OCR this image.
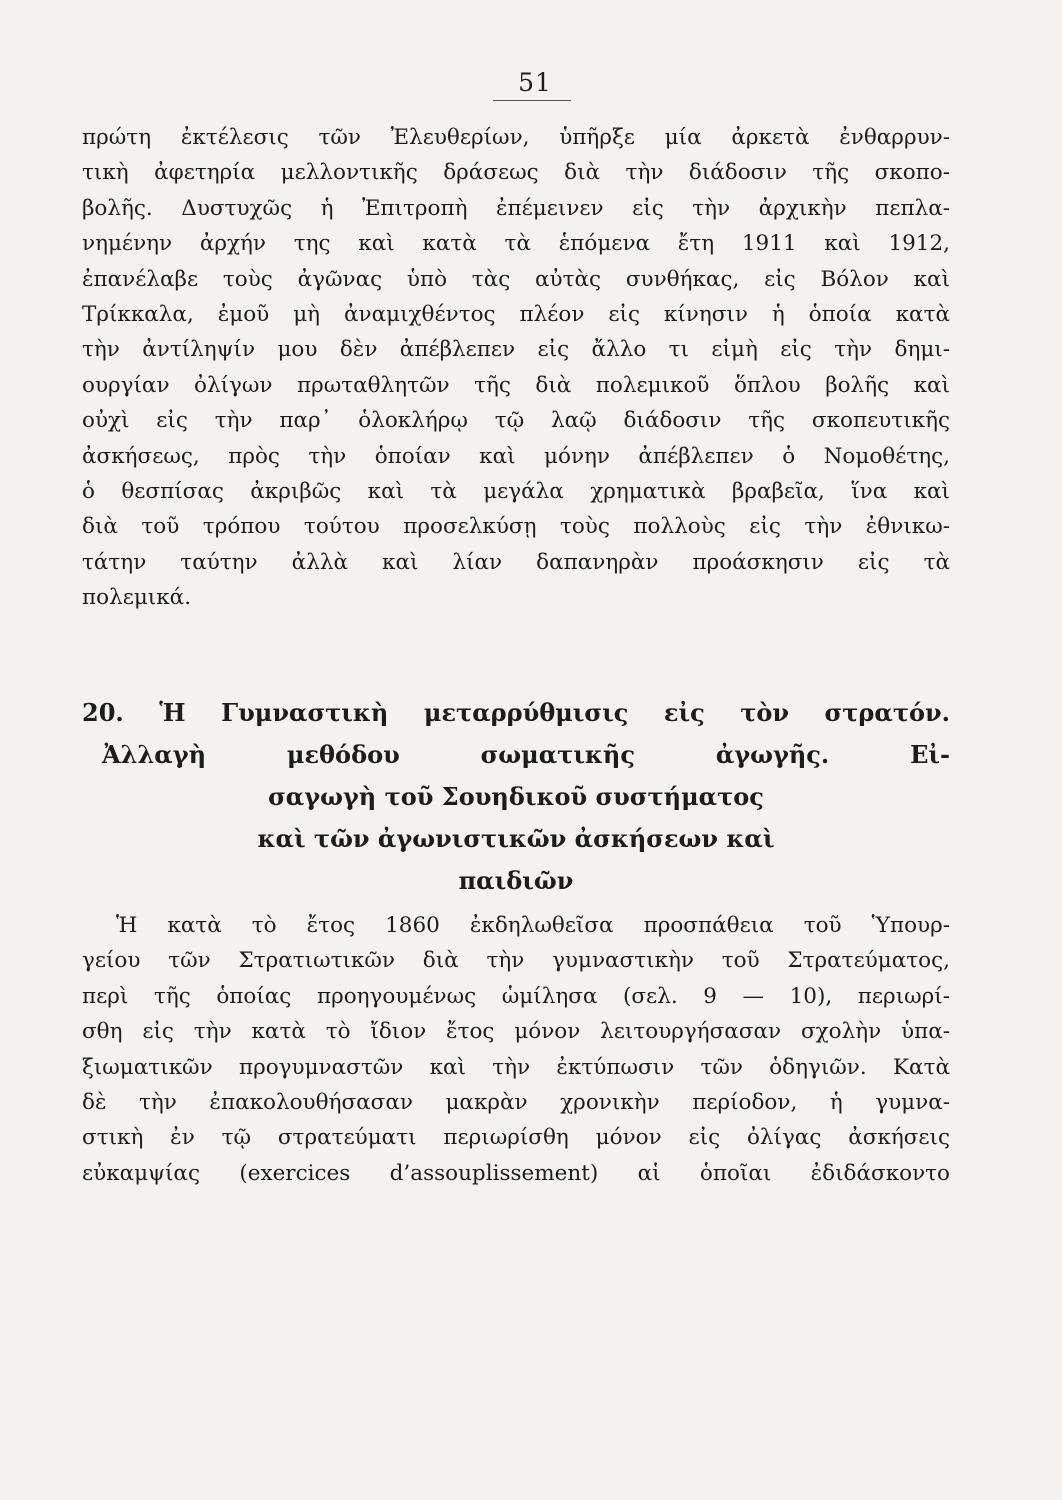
51
πρώτη ἐκτέλεσις τῶν Ἐλευθερίων, ὑπῆρξε μία ἀρκετὰ ἐνθαρρυν-
τικὴ ἀφετηρία μελλοντικῆς δράσεως διὰ τὴν διάδοσιν τῆς σκοπο-
βολῆς. Δυστυχῶς ἡ Ἐπιτροπὴ ἐπέμεινεν εἰς τὴν ἀρχικὴν πεπλα-
νημένην ἀρχήν της καὶ κατὰ τὰ ἑπόμενα ἔτη 1911 καὶ 1912,
ἐπανέλαβε τοὺς ἀγῶνας ὑπὸ τὰς αὐτὰς συνθήκας, εἰς Βόλον καὶ
Τρίκκαλα, ἐμοῦ μὴ ἀναμιχθέντος πλέον εἰς κίνησιν ἡ ὁποία κατὰ
τὴν ἀντίληψίν μου δὲν ἀπέβλεπεν εἰς ἄλλο τι εἰμὴ εἰς τὴν δημι-
ουργίαν ὀλίγων πρωταθλητῶν τῆς διὰ πολεμικοῦ ὅπλου βολῆς καὶ
οὐχὶ εἰς τὴν παρ᾽ ὁλοκλήρῳ τῷ λαῷ διάδοσιν τῆς σκοπευτικῆς
ἀσκήσεως, πρὸς τὴν ὁποίαν καὶ μόνην ἀπέβλεπεν ὁ Νομοθέτης,
ὁ θεσπίσας ἀκριβῶς καὶ τὰ μεγάλα χρηματικὰ βραβεῖα, ἵνα καὶ
διὰ τοῦ τρόπου τούτου προσελκύσῃ τοὺς πολλοὺς εἰς τὴν ἐθνικω-
τάτην ταύτην ἀλλὰ καὶ λίαν δαπανηρὰν προάσκησιν εἰς τὰ
πολεμικά.
20. Ἡ Γυμναστικὴ μεταρρύθμισις εἰς τὸν στρατόν.
Ἀλλαγὴ μεθόδου σωματικῆς ἀγωγῆς. Εἰ-
σαγωγὴ τοῦ Σουηδικοῦ συστήματος
καὶ τῶν ἀγωνιστικῶν ἀσκήσεων καὶ
παιδιῶν
Ἡ κατὰ τὸ ἔτος 1860 ἐκδηλωθεῖσα προσπάθεια τοῦ Ὑπουρ-
γείου τῶν Στρατιωτικῶν διὰ τὴν γυμναστικὴν τοῦ Στρατεύματος,
περὶ τῆς ὁποίας προηγουμένως ὡμίλησα (σελ. 9 — 10), περιωρί-
σθη εἰς τὴν κατὰ τὸ ἴδιον ἔτος μόνον λειτουργήσασαν σχολὴν ὑπα-
ξιωματικῶν προγυμναστῶν καὶ τὴν ἐκτύπωσιν τῶν ὁδηγιῶν. Κατὰ
δὲ τὴν ἐπακολουθήσασαν μακρὰν χρονικὴν περίοδον, ἡ γυμνα-
στικὴ ἐν τῷ στρατεύματι περιωρίσθη μόνον εἰς ὀλίγας ἀσκήσεις
εὐκαμψίας (exercices d’assouplissement) αἱ ὁποῖαι ἐδιδάσκοντο
